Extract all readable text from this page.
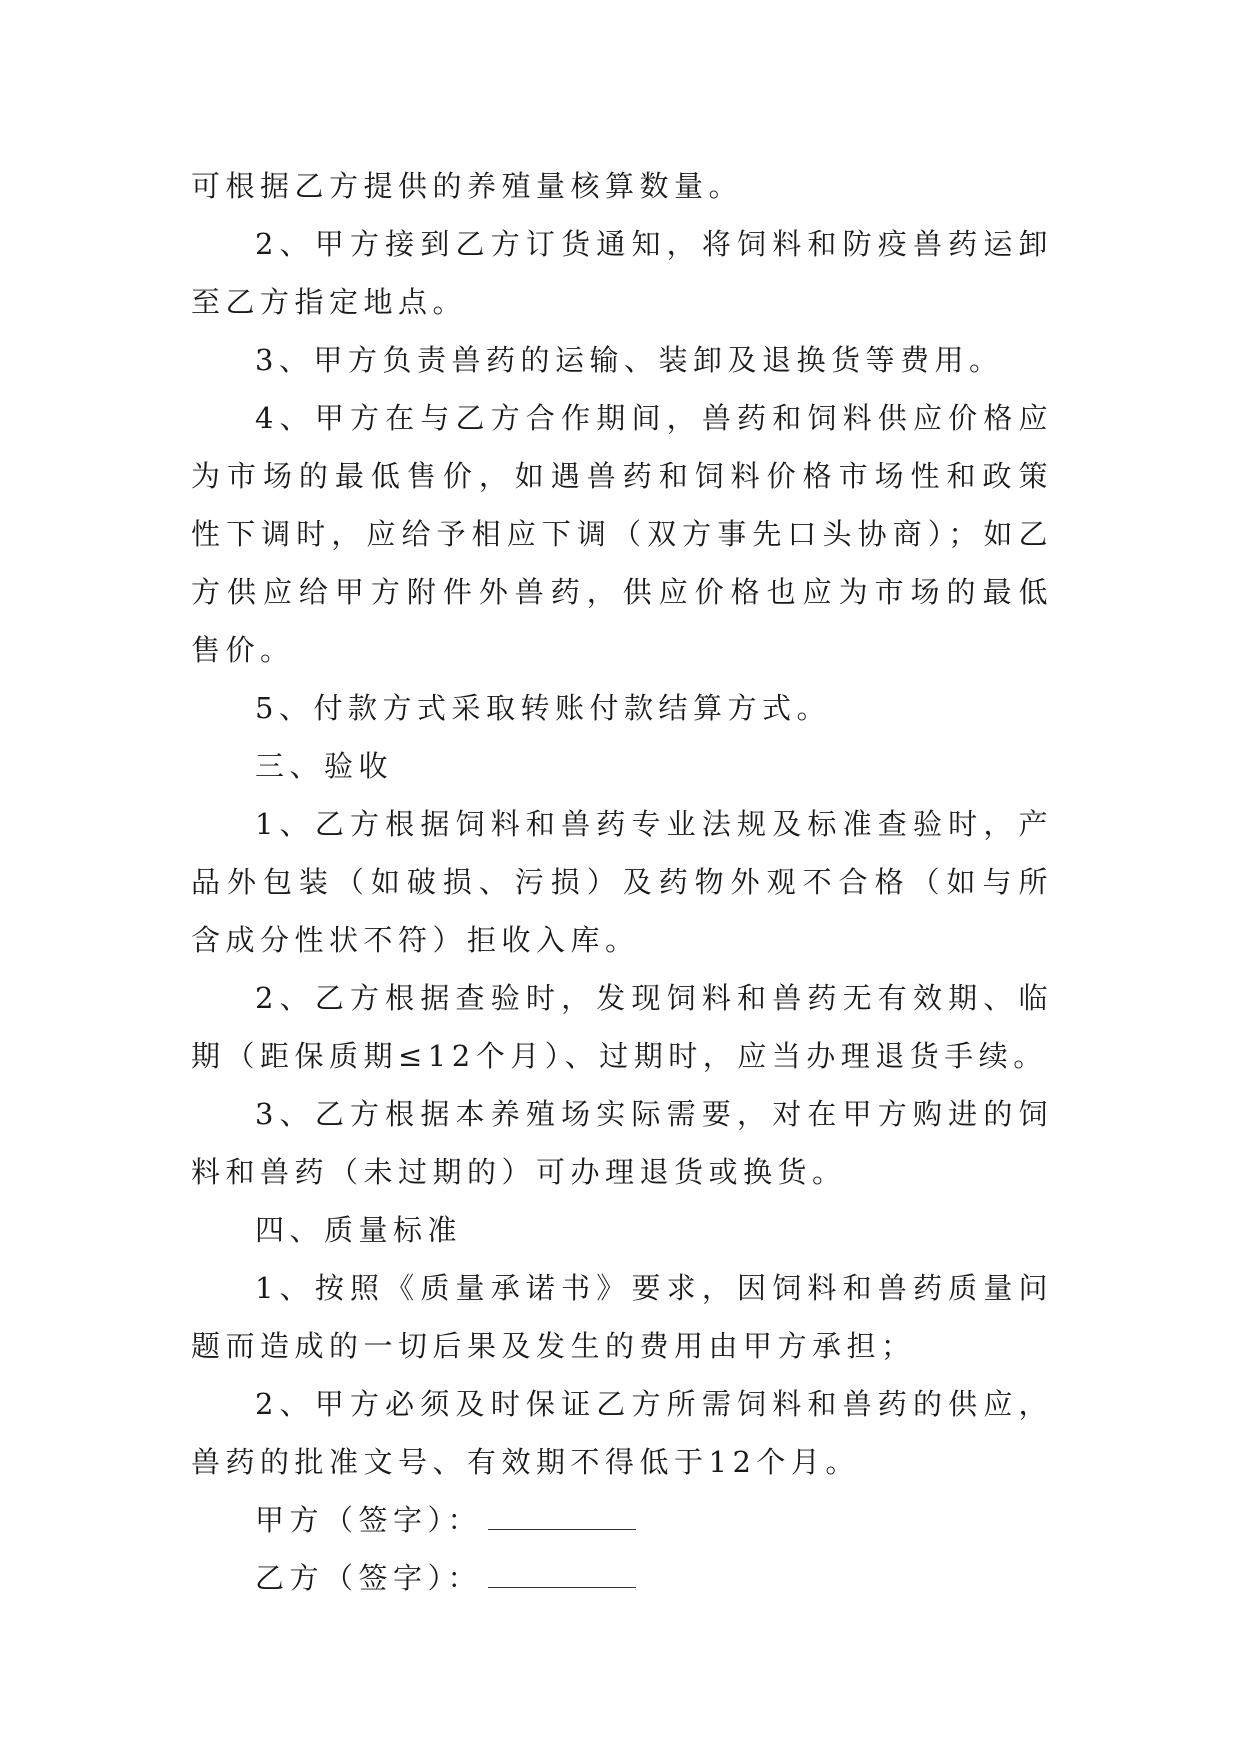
可根据乙方提供的养殖量核算数量。

2、甲方接到乙方订货通知，将饲料和防疫兽药运卸至乙方指定地点。

3、甲方负责兽药的运输、装卸及退换货等费用。

4、甲方在与乙方合作期间，兽药和饲料供应价格应为市场的最低售价，如遇兽药和饲料价格市场性和政策性下调时，应给予相应下调（双方事先口头协商）；如乙方供应给甲方附件外兽药，供应价格也应为市场的最低售价。

5、付款方式采取转账付款结算方式。

三、验收

1、乙方根据饲料和兽药专业法规及标准查验时，产品外包装（如破损、污损）及药物外观不合格（如与所含成分性状不符）拒收入库。

2、乙方根据查验时，发现饲料和兽药无有效期、临期（距保质期≤12个月）、过期时，应当办理退货手续。

3、乙方根据本养殖场实际需要，对在甲方购进的饲料和兽药（未过期的）可办理退货或换货。

四、质量标准

1、按照《质量承诺书》要求，因饲料和兽药质量问题而造成的一切后果及发生的费用由甲方承担；

2、甲方必须及时保证乙方所需饲料和兽药的供应，兽药的批准文号、有效期不得低于12个月。

甲方（签字）：
乙方（签字）：
